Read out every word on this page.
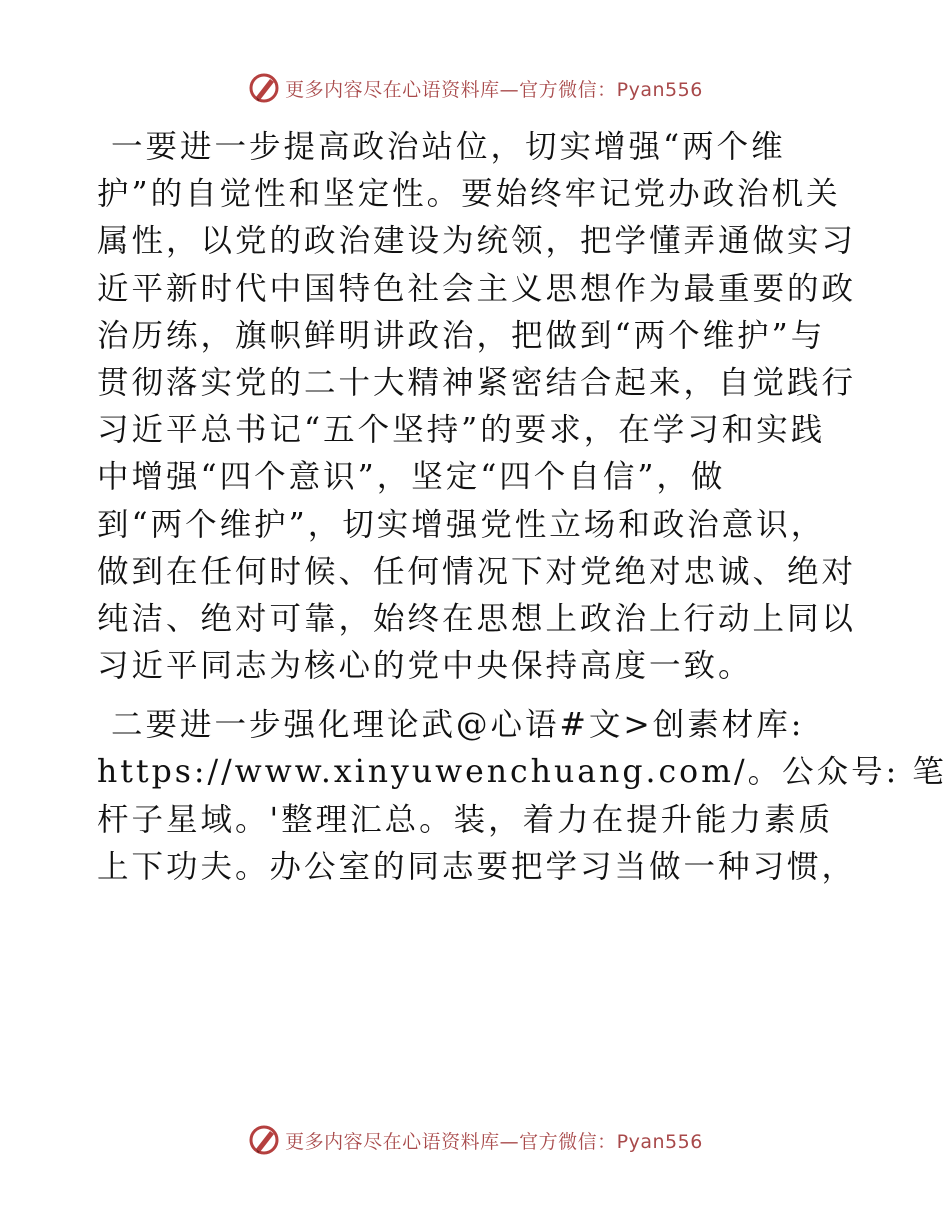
更多内容尽在心语资料库—官方微信：Pyan556
一要进一步提高政治站位，切实增强“两个维
护”的自觉性和坚定性。要始终牢记党办政治机关
属性，以党的政治建设为统领，把学懂弄通做实习
近平新时代中国特色社会主义思想作为最重要的政
治历练，旗帜鲜明讲政治，把做到“两个维护”与
贯彻落实党的二十大精神紧密结合起来，自觉践行
习近平总书记“五个坚持”的要求，在学习和实践
中增强“四个意识”，坚定“四个自信”，做
到“两个维护”，切实增强党性立场和政治意识，
做到在任何时候、任何情况下对党绝对忠诚、绝对
纯洁、绝对可靠，始终在思想上政治上行动上同以
习近平同志为核心的党中央保持高度一致。
二要进一步强化理论武@心语#文>创素材库:
https://www.xinyuwenchuang.com/。公众号: 笔
杆子星域。'整理汇总。装，着力在提升能力素质
上下功夫。办公室的同志要把学习当做一种习惯，
更多内容尽在心语资料库—官方微信：Pyan556
